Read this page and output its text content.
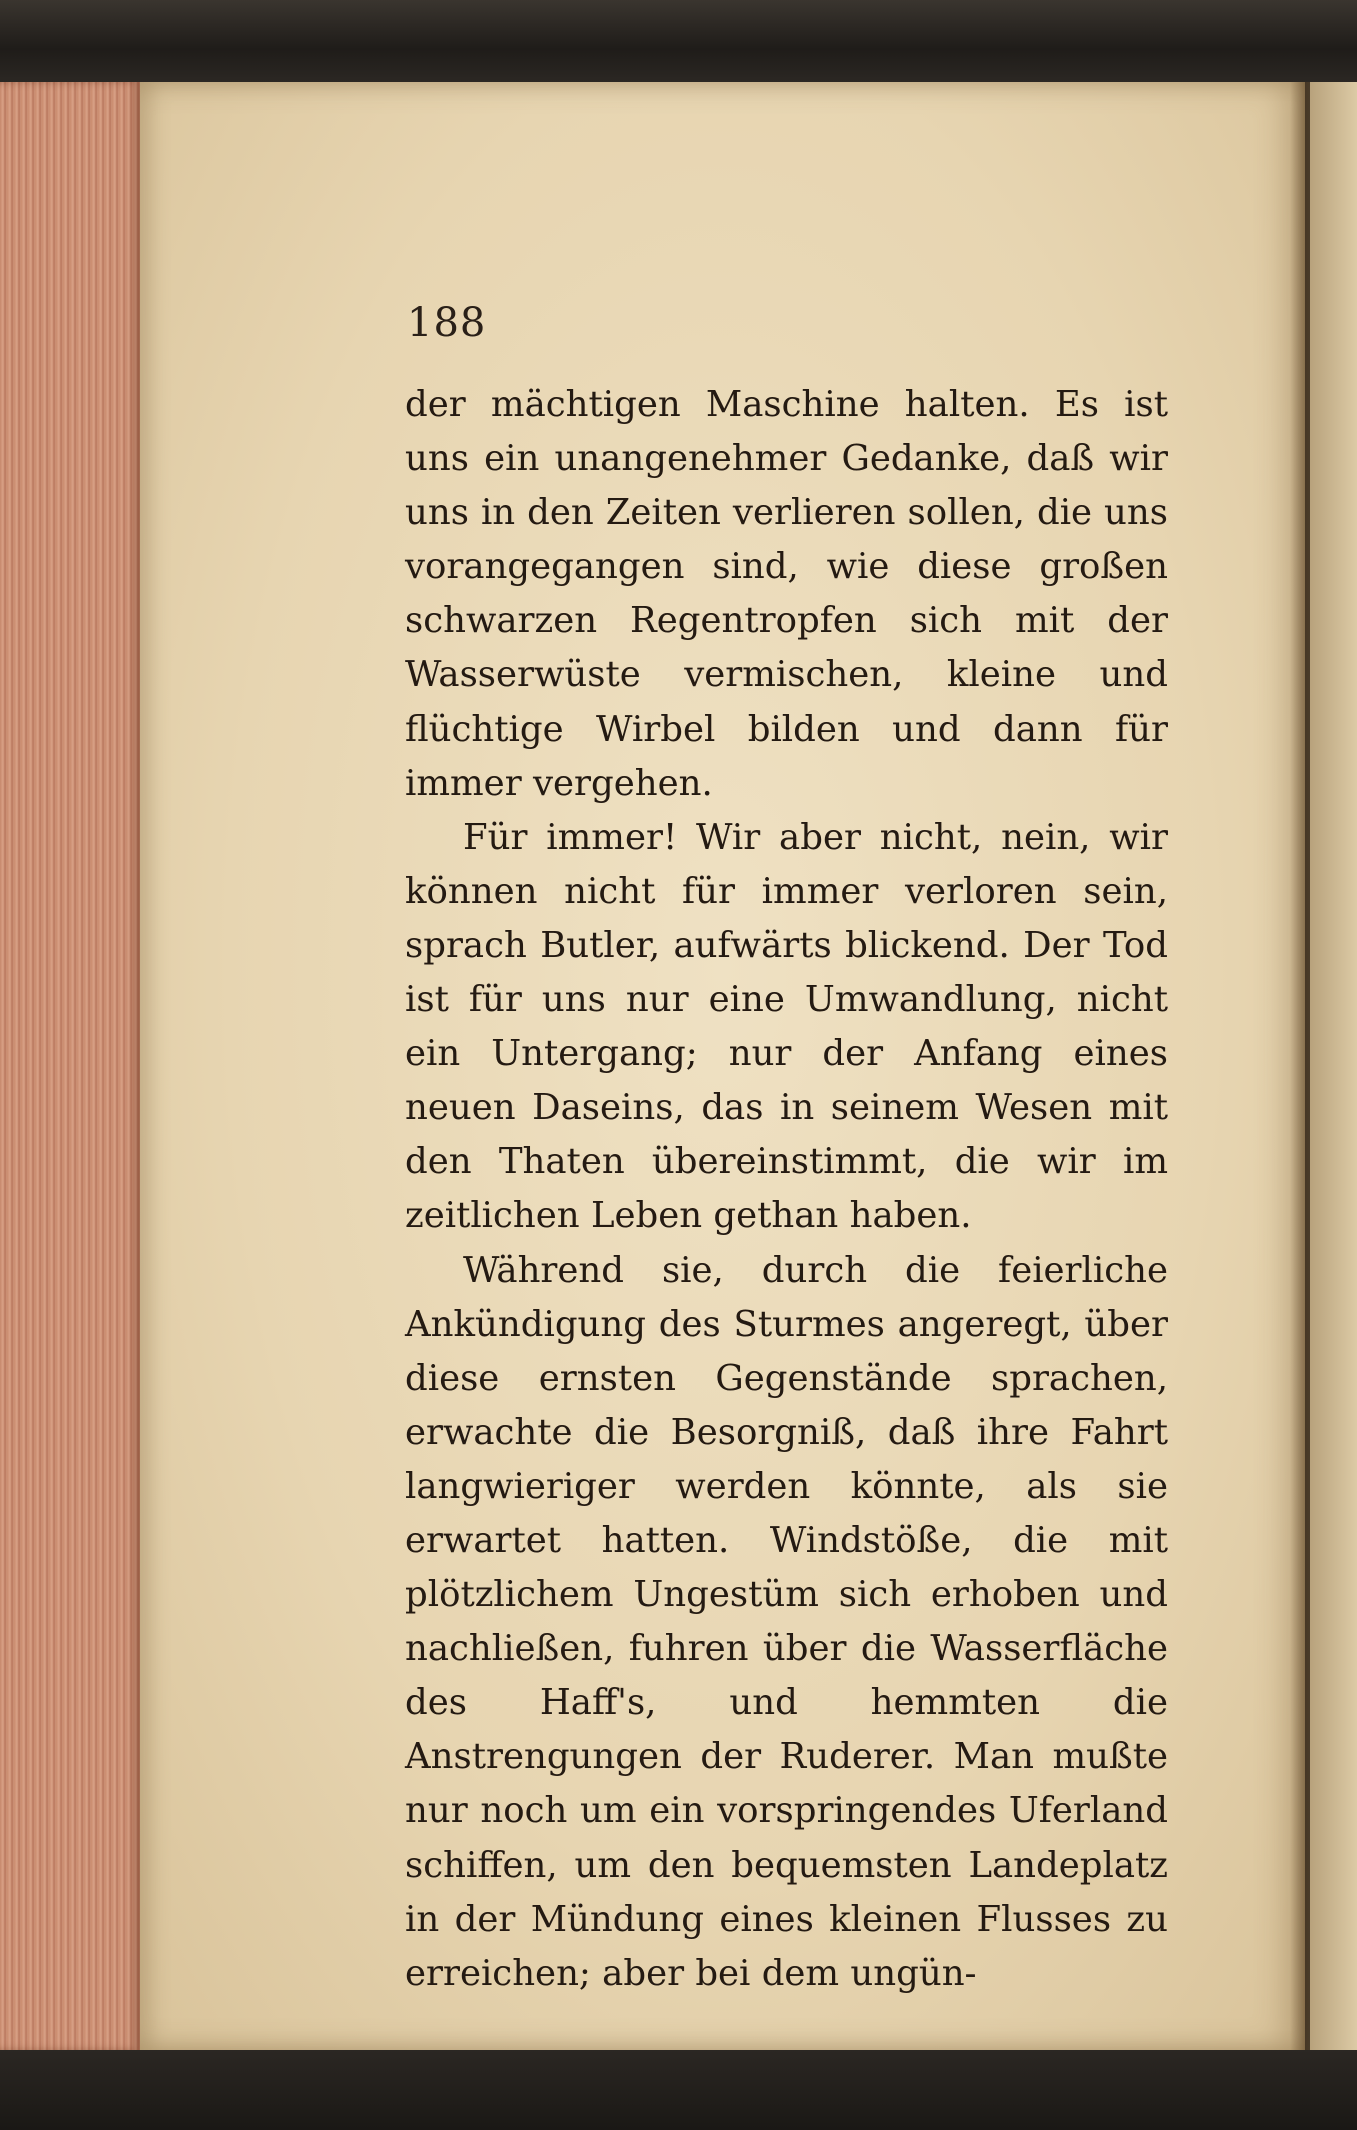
188

der mächtigen Maschine halten. Es ist uns ein unangenehmer Gedanke, daß wir uns in den Zeiten verlieren sollen, die uns vorangegangen sind, wie diese großen schwarzen Regentropfen sich mit der Wasserwüste vermischen, kleine und flüchtige Wirbel bilden und dann für immer vergehen.

Für immer! Wir aber nicht, nein, wir können nicht für immer verloren sein, sprach Butler, aufwärts blickend. Der Tod ist für uns nur eine Umwandlung, nicht ein Untergang; nur der Anfang eines neuen Daseins, das in seinem Wesen mit den Thaten übereinstimmt, die wir im zeitlichen Leben gethan haben.

Während sie, durch die feierliche Ankündigung des Sturmes angeregt, über diese ernsten Gegenstände sprachen, erwachte die Besorgniß, daß ihre Fahrt langwieriger werden könnte, als sie erwartet hatten. Windstöße, die mit plötzlichem Ungestüm sich erhoben und nachließen, fuhren über die Wasserfläche des Haff's, und hemmten die Anstrengungen der Ruderer. Man mußte nur noch um ein vorspringendes Uferland schiffen, um den bequemsten Landeplatz in der Mündung eines kleinen Flusses zu erreichen; aber bei dem ungün-
